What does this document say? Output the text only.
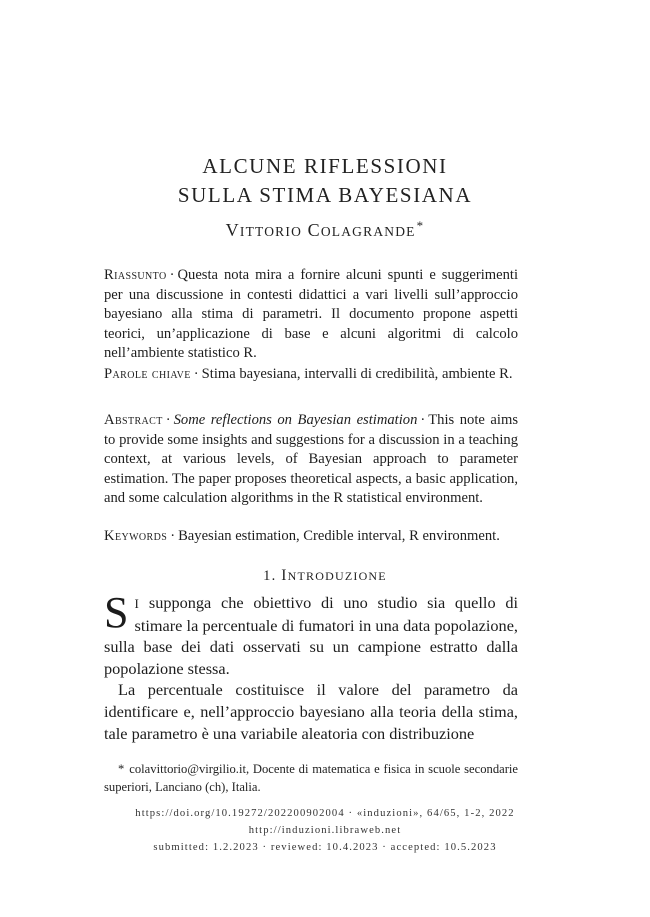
ALCUNE RIFLESSIONI
SULLA STIMA BAYESIANA
VITTORIO COLAGRANDE*
Riassunto · Questa nota mira a fornire alcuni spunti e suggerimenti per una discussione in contesti didattici a vari livelli sull’approccio bayesiano alla stima di parametri. Il documento propone aspetti teorici, un’applicazione di base e alcuni algoritmi di calcolo nell’ambiente statistico R.
Parole chiave · Stima bayesiana, intervalli di credibilità, ambiente R.
Abstract · Some reflections on Bayesian estimation · This note aims to provide some insights and suggestions for a discussion in a teaching context, at various levels, of Bayesian approach to parameter estimation. The paper proposes theoretical aspects, a basic application, and some calculation algorithms in the R statistical environment.
Keywords · Bayesian estimation, Credible interval, R environment.
1. INTRODUZIONE

SI supponga che obiettivo di uno studio sia quello di stimare la percentuale di fumatori in una data popolazione, sulla base dei dati osservati su un campione estratto dalla popolazione stessa.

La percentuale costituisce il valore del parametro da identificare e, nell’approccio bayesiano alla teoria della stima, tale parametro è una variabile aleatoria con distribuzione

* colavittorio@virgilio.it, Docente di matematica e fisica in scuole secondarie superiori, Lanciano (ch), Italia.
https://doi.org/10.19272/202200902004 · «induzioni», 64/65, 1-2, 2022
http://induzioni.libraweb.net
submitted: 1.2.2023 · reviewed: 10.4.2023 · accepted: 10.5.2023
